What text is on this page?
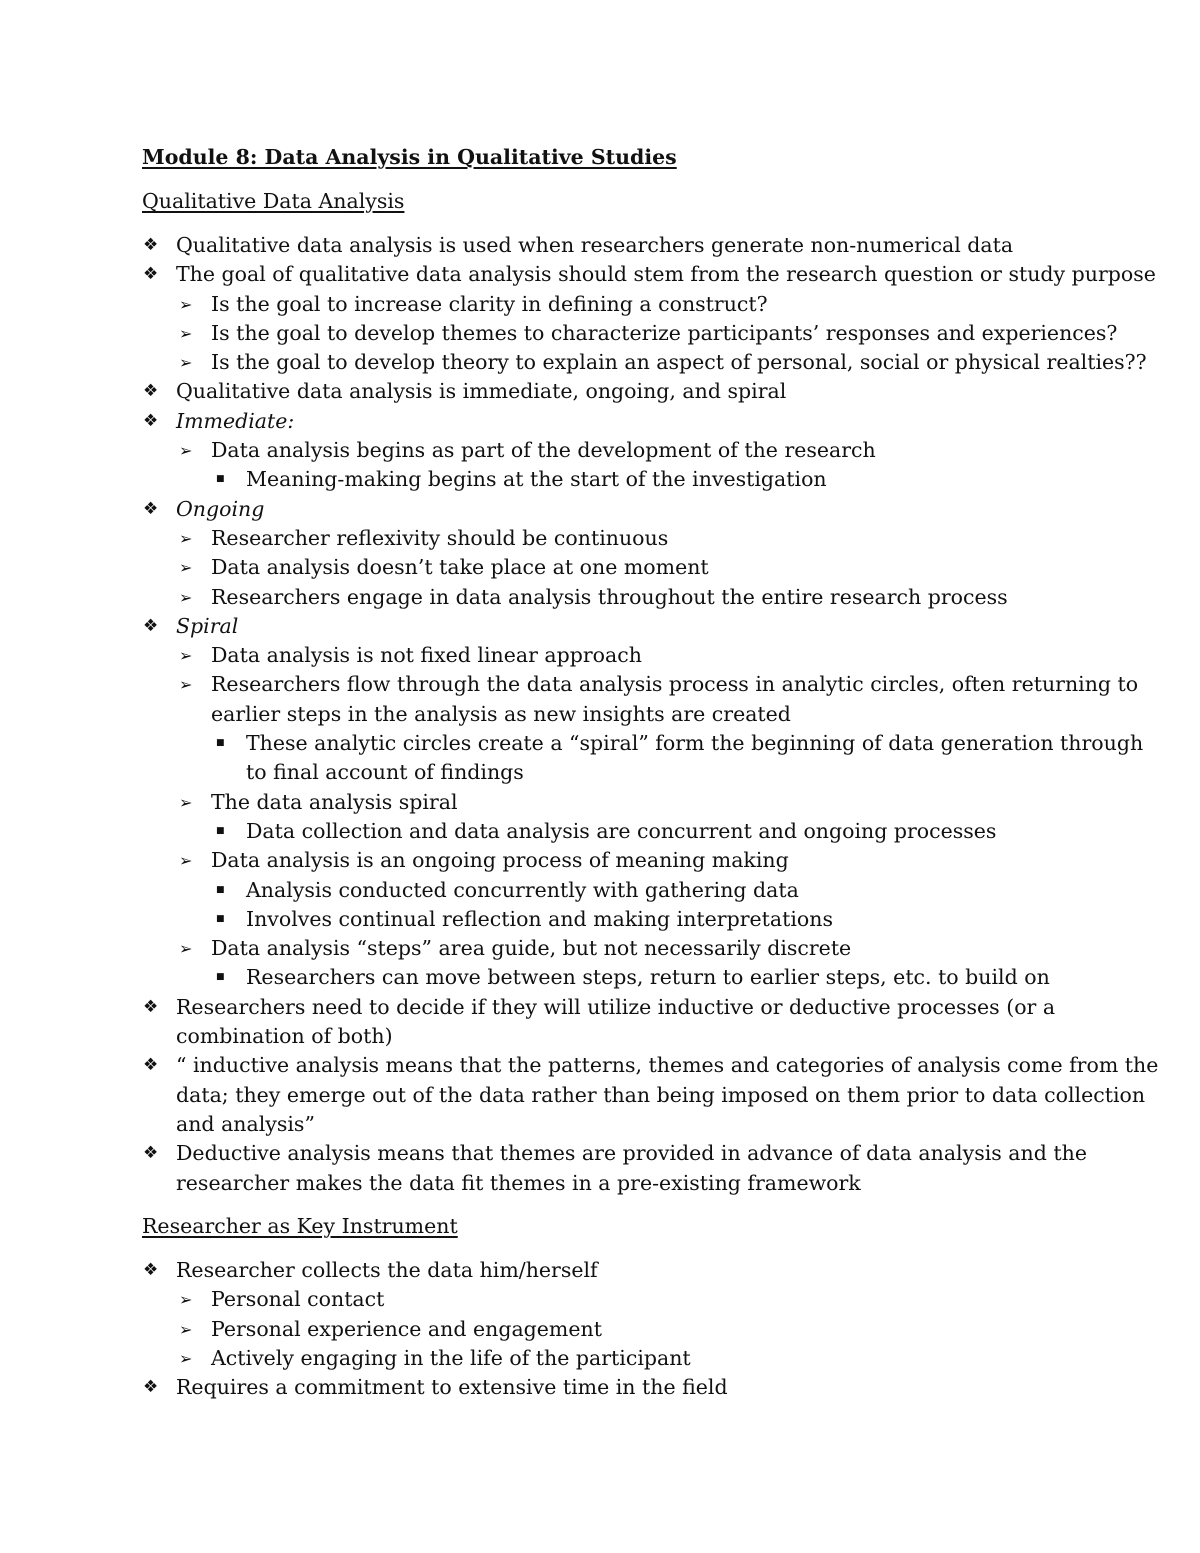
Module 8: Data Analysis in Qualitative Studies
Qualitative Data Analysis
❖ Qualitative data analysis is used when researchers generate non-numerical data
❖ The goal of qualitative data analysis should stem from the research question or study purpose
➢ Is the goal to increase clarity in defining a construct?
➢ Is the goal to develop themes to characterize participants’ responses and experiences?
➢ Is the goal to develop theory to explain an aspect of personal, social or physical realties??
❖ Qualitative data analysis is immediate, ongoing, and spiral
❖ Immediate:
➢ Data analysis begins as part of the development of the research
■ Meaning-making begins at the start of the investigation
❖ Ongoing
➢ Researcher reflexivity should be continuous
➢ Data analysis doesn’t take place at one moment
➢ Researchers engage in data analysis throughout the entire research process
❖ Spiral
➢ Data analysis is not fixed linear approach
➢ Researchers flow through the data analysis process in analytic circles, often returning to
earlier steps in the analysis as new insights are created
■ These analytic circles create a “spiral” form the beginning of data generation through
to final account of findings
➢ The data analysis spiral
■ Data collection and data analysis are concurrent and ongoing processes
➢ Data analysis is an ongoing process of meaning making
■ Analysis conducted concurrently with gathering data
■ Involves continual reflection and making interpretations
➢ Data analysis “steps” area guide, but not necessarily discrete
■ Researchers can move between steps, return to earlier steps, etc. to build on
❖ Researchers need to decide if they will utilize inductive or deductive processes (or a
combination of both)
❖ “ inductive analysis means that the patterns, themes and categories of analysis come from the
data; they emerge out of the data rather than being imposed on them prior to data collection
and analysis”
❖ Deductive analysis means that themes are provided in advance of data analysis and the
researcher makes the data fit themes in a pre-existing framework
Researcher as Key Instrument
❖ Researcher collects the data him/herself
➢ Personal contact
➢ Personal experience and engagement
➢ Actively engaging in the life of the participant
❖ Requires a commitment to extensive time in the field
